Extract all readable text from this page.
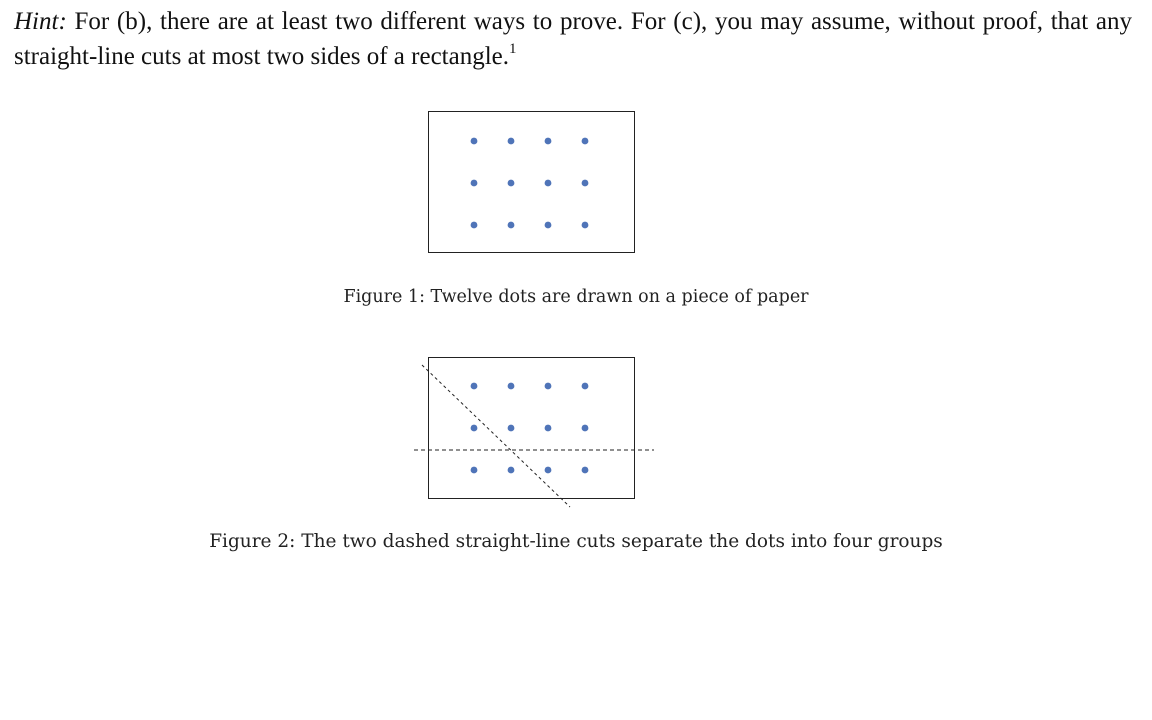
Hint: For (b), there are at least two different ways to prove. For (c), you may assume, without proof, that any straight-line cuts at most two sides of a rectangle.$^1$

Figure 1: Twelve dots are drawn on a piece of paper
Figure 2: The two dashed straight-line cuts separate the dots into four groups
